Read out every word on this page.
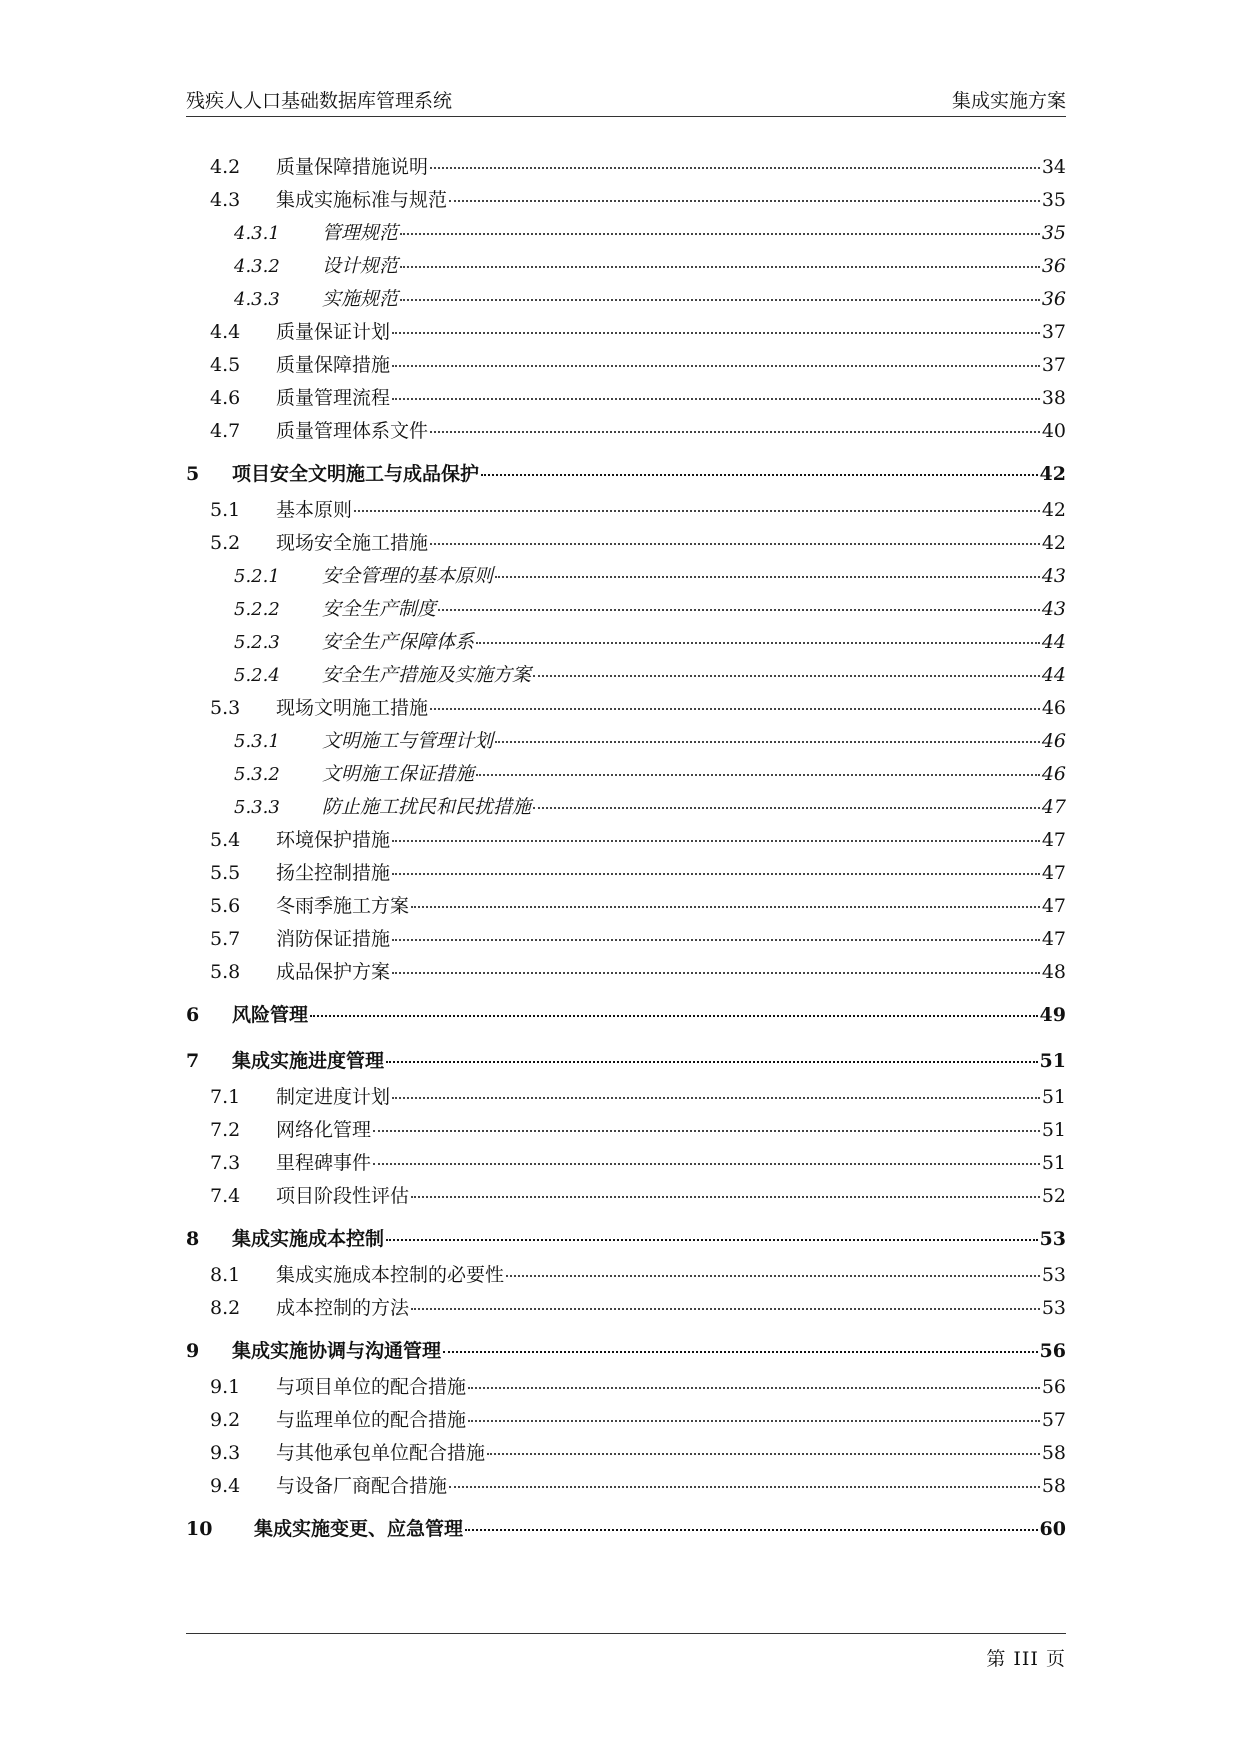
残疾人人口基础数据库管理系统	集成实施方案
4.2	质量保障措施说明	34
4.3	集成实施标准与规范	35
4.3.1	管理规范	35
4.3.2	设计规范	36
4.3.3	实施规范	36
4.4	质量保证计划	37
4.5	质量保障措施	37
4.6	质量管理流程	38
4.7	质量管理体系文件	40
5	项目安全文明施工与成品保护	42
5.1	基本原则	42
5.2	现场安全施工措施	42
5.2.1	安全管理的基本原则	43
5.2.2	安全生产制度	43
5.2.3	安全生产保障体系	44
5.2.4	安全生产措施及实施方案	44
5.3	现场文明施工措施	46
5.3.1	文明施工与管理计划	46
5.3.2	文明施工保证措施	46
5.3.3	防止施工扰民和民扰措施	47
5.4	环境保护措施	47
5.5	扬尘控制措施	47
5.6	冬雨季施工方案	47
5.7	消防保证措施	47
5.8	成品保护方案	48
6	风险管理	49
7	集成实施进度管理	51
7.1	制定进度计划	51
7.2	网络化管理	51
7.3	里程碑事件	51
7.4	项目阶段性评估	52
8	集成实施成本控制	53
8.1	集成实施成本控制的必要性	53
8.2	成本控制的方法	53
9	集成实施协调与沟通管理	56
9.1	与项目单位的配合措施	56
9.2	与监理单位的配合措施	57
9.3	与其他承包单位配合措施	58
9.4	与设备厂商配合措施	58
10	集成实施变更、应急管理	60
第 III 页
